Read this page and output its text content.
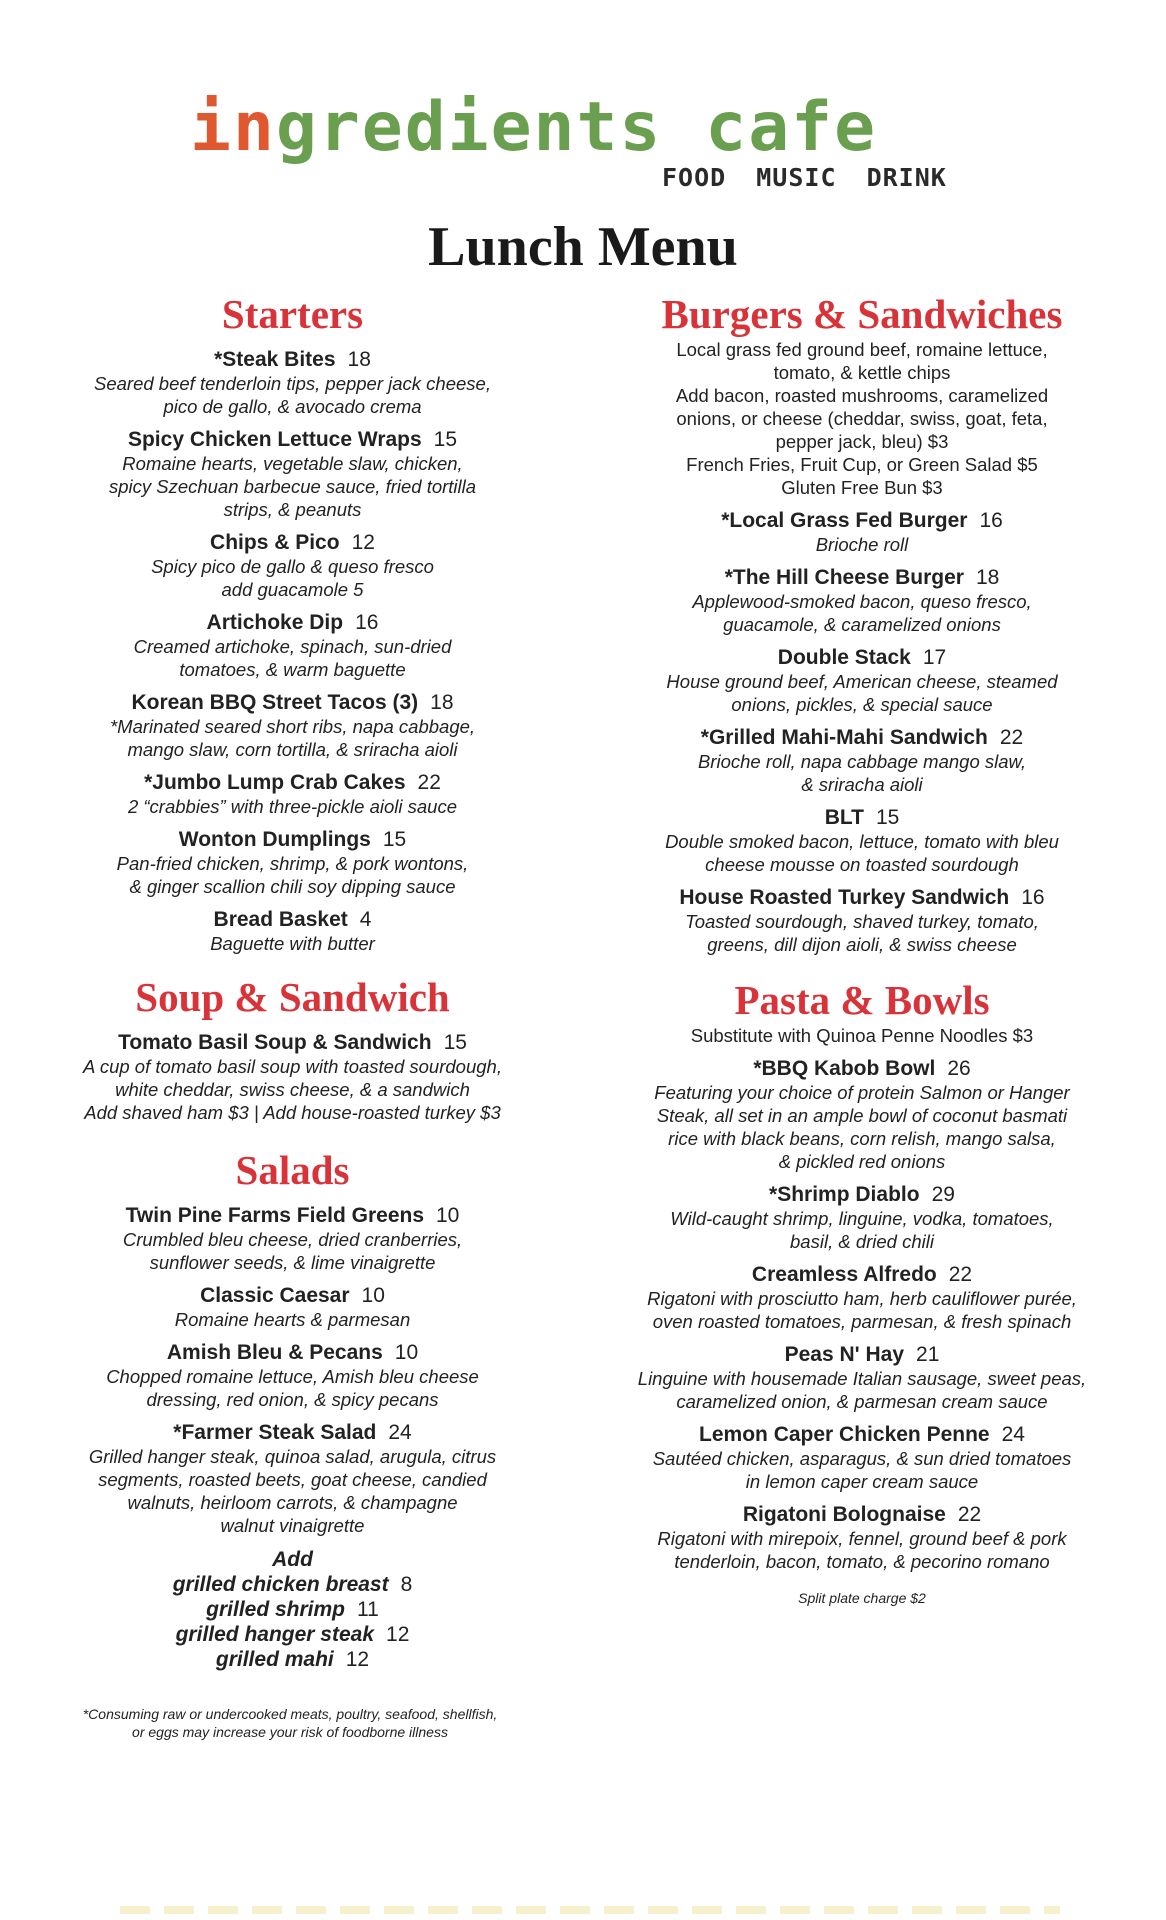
ingredients cafe
FOOD MUSIC DRINK
Lunch Menu
Starters
*Steak Bites 18
Seared beef tenderloin tips, pepper jack cheese,
pico de gallo, & avocado crema
Spicy Chicken Lettuce Wraps 15
Romaine hearts, vegetable slaw, chicken,
spicy Szechuan barbecue sauce, fried tortilla
strips, & peanuts
Chips & Pico 12
Spicy pico de gallo & queso fresco
add guacamole 5
Artichoke Dip 16
Creamed artichoke, spinach, sun-dried
tomatoes, & warm baguette
Korean BBQ Street Tacos (3) 18
*Marinated seared short ribs, napa cabbage,
mango slaw, corn tortilla, & sriracha aioli
*Jumbo Lump Crab Cakes 22
2 “crabbies” with three-pickle aioli sauce
Wonton Dumplings 15
Pan-fried chicken, shrimp, & pork wontons,
& ginger scallion chili soy dipping sauce
Bread Basket 4
Baguette with butter
Soup & Sandwich
Tomato Basil Soup & Sandwich 15
A cup of tomato basil soup with toasted sourdough,
white cheddar, swiss cheese, & a sandwich
Add shaved ham $3 | Add house-roasted turkey $3
Salads
Twin Pine Farms Field Greens 10
Crumbled bleu cheese, dried cranberries,
sunflower seeds, & lime vinaigrette
Classic Caesar 10
Romaine hearts & parmesan
Amish Bleu & Pecans 10
Chopped romaine lettuce, Amish bleu cheese
dressing, red onion, & spicy pecans
*Farmer Steak Salad 24
Grilled hanger steak, quinoa salad, arugula, citrus
segments, roasted beets, goat cheese, candied
walnuts, heirloom carrots, & champagne
walnut vinaigrette
Add
grilled chicken breast 8
grilled shrimp 11
grilled hanger steak 12
grilled mahi 12
*Consuming raw or undercooked meats, poultry, seafood, shellfish,
or eggs may increase your risk of foodborne illness
Burgers & Sandwiches
Local grass fed ground beef, romaine lettuce,
tomato, & kettle chips
Add bacon, roasted mushrooms, caramelized
onions, or cheese (cheddar, swiss, goat, feta,
pepper jack, bleu) $3
French Fries, Fruit Cup, or Green Salad $5
Gluten Free Bun $3
*Local Grass Fed Burger 16
Brioche roll
*The Hill Cheese Burger 18
Applewood-smoked bacon, queso fresco,
guacamole, & caramelized onions
Double Stack 17
House ground beef, American cheese, steamed
onions, pickles, & special sauce
*Grilled Mahi-Mahi Sandwich 22
Brioche roll, napa cabbage mango slaw,
& sriracha aioli
BLT 15
Double smoked bacon, lettuce, tomato with bleu
cheese mousse on toasted sourdough
House Roasted Turkey Sandwich 16
Toasted sourdough, shaved turkey, tomato,
greens, dill dijon aioli, & swiss cheese
Pasta & Bowls
Substitute with Quinoa Penne Noodles $3
*BBQ Kabob Bowl 26
Featuring your choice of protein Salmon or Hanger
Steak, all set in an ample bowl of coconut basmati
rice with black beans, corn relish, mango salsa,
& pickled red onions
*Shrimp Diablo 29
Wild-caught shrimp, linguine, vodka, tomatoes,
basil, & dried chili
Creamless Alfredo 22
Rigatoni with prosciutto ham, herb cauliflower purée,
oven roasted tomatoes, parmesan, & fresh spinach
Peas N' Hay 21
Linguine with housemade Italian sausage, sweet peas,
caramelized onion, & parmesan cream sauce
Lemon Caper Chicken Penne 24
Sautéed chicken, asparagus, & sun dried tomatoes
in lemon caper cream sauce
Rigatoni Bolognaise 22
Rigatoni with mirepoix, fennel, ground beef & pork
tenderloin, bacon, tomato, & pecorino romano
Split plate charge $2
